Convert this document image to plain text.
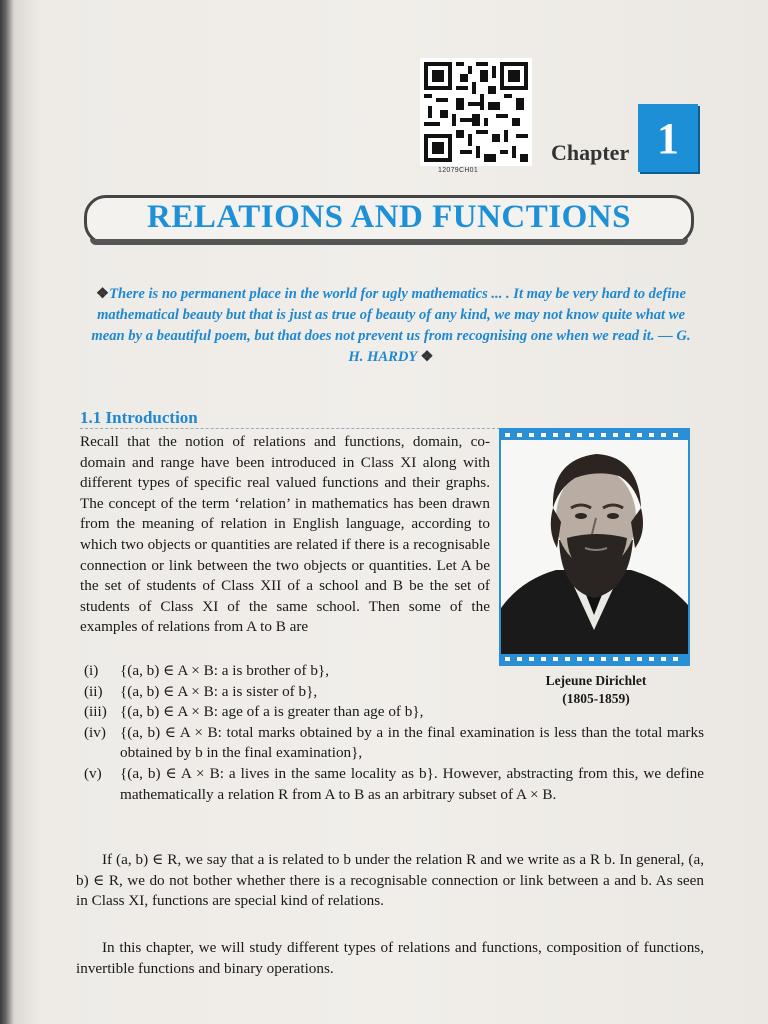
12079CH01
Chapter 1
RELATIONS AND FUNCTIONS
❖There is no permanent place in the world for ugly mathematics ... . It may be very hard to define mathematical beauty but that is just as true of beauty of any kind, we may not know quite what we mean by a beautiful poem, but that does not prevent us from recognising one when we read it. — G. H. HARDY ❖
1.1 Introduction
Recall that the notion of relations and functions, domain, co-domain and range have been introduced in Class XI along with different types of specific real valued functions and their graphs. The concept of the term ‘relation’ in mathematics has been drawn from the meaning of relation in English language, according to which two objects or quantities are related if there is a recognisable connection or link between the two objects or quantities. Let A be the set of students of Class XII of a school and B be the set of students of Class XI of the same school. Then some of the examples of relations from A to B are
Lejeune Dirichlet
(1805-1859)
(i)	{(a, b) ∈ A × B: a is brother of b},
(ii)	{(a, b) ∈ A × B: a is sister of b},
(iii) {(a, b) ∈ A × B: age of a is greater than age of b},
(iv) {(a, b) ∈ A × B: total marks obtained by a in the final examination is less than the total marks obtained by b in the final examination},
(v)	{(a, b) ∈ A × B: a lives in the same locality as b}. However, abstracting from this, we define mathematically a relation R from A to B as an arbitrary subset of A × B.
If (a, b) ∈ R, we say that a is related to b under the relation R and we write as a R b. In general, (a, b) ∈ R, we do not bother whether there is a recognisable connection or link between a and b. As seen in Class XI, functions are special kind of relations.
In this chapter, we will study different types of relations and functions, composition of functions, invertible functions and binary operations.
